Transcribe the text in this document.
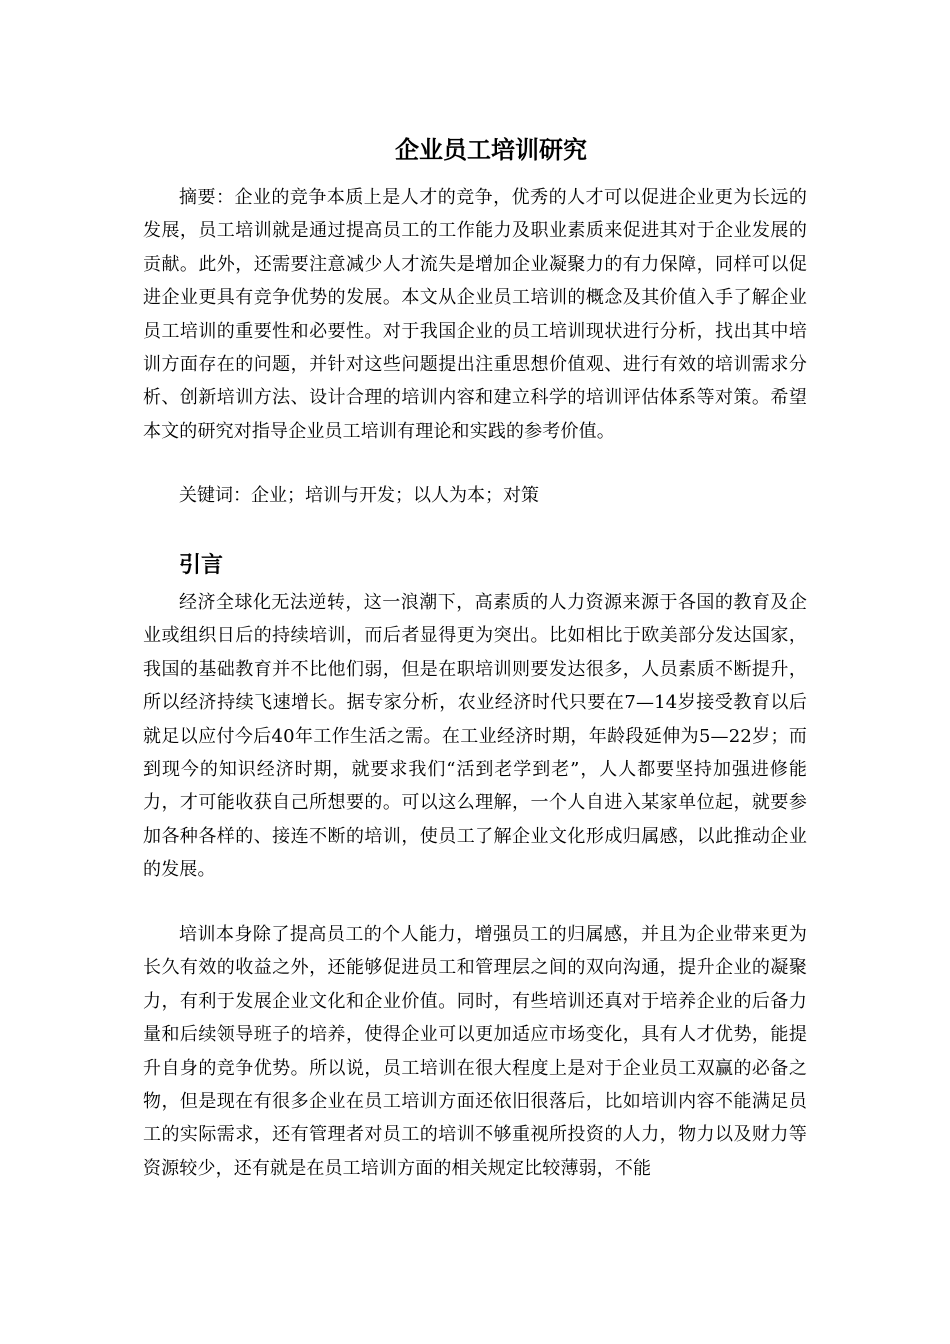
企业员工培训研究

摘要：企业的竞争本质上是人才的竞争，优秀的人才可以促进企业更为长远的发展，员工培训就是通过提高员工的工作能力及职业素质来促进其对于企业发展的贡献。此外，还需要注意减少人才流失是增加企业凝聚力的有力保障，同样可以促进企业更具有竞争优势的发展。本文从企业员工培训的概念及其价值入手了解企业员工培训的重要性和必要性。对于我国企业的员工培训现状进行分析，找出其中培训方面存在的问题，并针对这些问题提出注重思想价值观、进行有效的培训需求分析、创新培训方法、设计合理的培训内容和建立科学的培训评估体系等对策。希望本文的研究对指导企业员工培训有理论和实践的参考价值。

关键词：企业；培训与开发；以人为本；对策

引言

经济全球化无法逆转，这一浪潮下，高素质的人力资源来源于各国的教育及企业或组织日后的持续培训，而后者显得更为突出。比如相比于欧美部分发达国家，我国的基础教育并不比他们弱，但是在职培训则要发达很多，人员素质不断提升，所以经济持续飞速增长。据专家分析，农业经济时代只要在7—14岁接受教育以后就足以应付今后40年工作生活之需。在工业经济时期，年龄段延伸为5—22岁；而到现今的知识经济时期，就要求我们“活到老学到老”，人人都要坚持加强进修能力，才可能收获自己所想要的。可以这么理解，一个人自进入某家单位起，就要参加各种各样的、接连不断的培训，使员工了解企业文化形成归属感，以此推动企业的发展。

培训本身除了提高员工的个人能力，增强员工的归属感，并且为企业带来更为长久有效的收益之外，还能够促进员工和管理层之间的双向沟通，提升企业的凝聚力，有利于发展企业文化和企业价值。同时，有些培训还真对于培养企业的后备力量和后续领导班子的培养，使得企业可以更加适应市场变化，具有人才优势，能提升自身的竞争优势。所以说，员工培训在很大程度上是对于企业员工双赢的必备之物，但是现在有很多企业在员工培训方面还依旧很落后，比如培训内容不能满足员工的实际需求，还有管理者对员工的培训不够重视所投资的人力，物力以及财力等资源较少，还有就是在员工培训方面的相关规定比较薄弱，不能
